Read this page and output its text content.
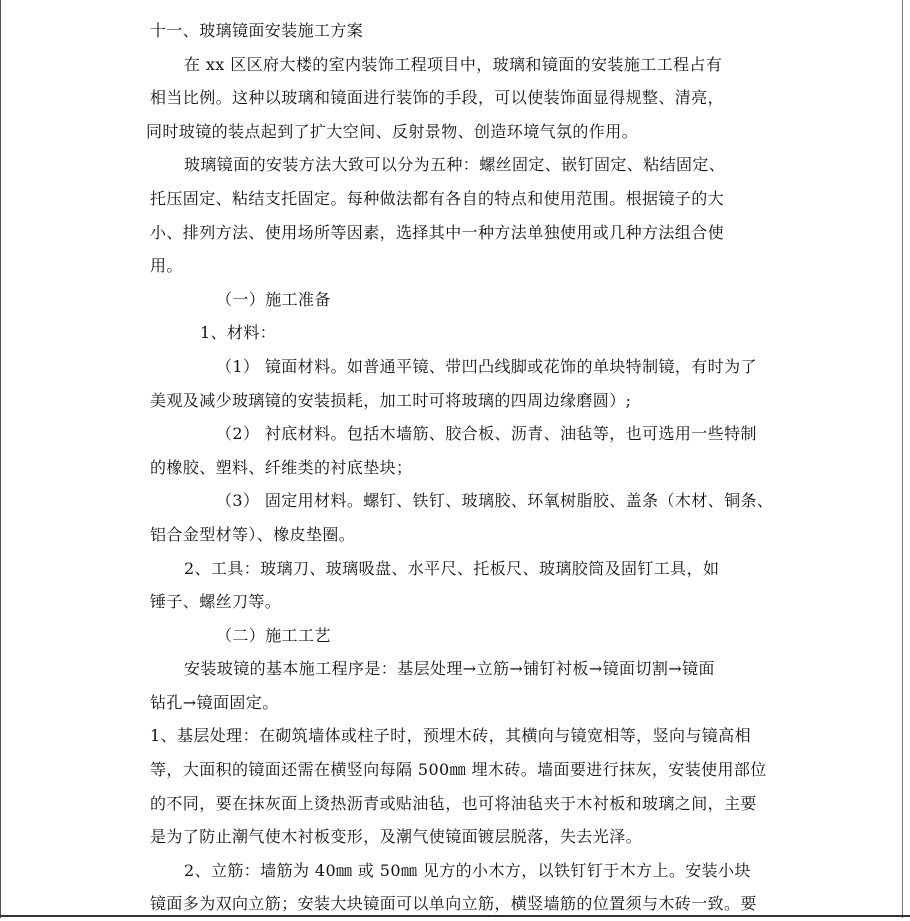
十一、玻璃镜面安装施工方案
在 xx 区区府大楼的室内装饰工程项目中，玻璃和镜面的安装施工工程占有
相当比例。这种以玻璃和镜面进行装饰的手段，可以使装饰面显得规整、清亮，
同时玻镜的装点起到了扩大空间、反射景物、创造环境气氛的作用。
玻璃镜面的安装方法大致可以分为五种：螺丝固定、嵌钉固定、粘结固定、
托压固定、粘结支托固定。每种做法都有各自的特点和使用范围。根据镜子的大
小、排列方法、使用场所等因素，选择其中一种方法单独使用或几种方法组合使
用。
（一）施工准备
1、材料：
（1） 镜面材料。如普通平镜、带凹凸线脚或花饰的单块特制镜，有时为了
美观及减少玻璃镜的安装损耗，加工时可将玻璃的四周边缘磨圆）;
（2） 衬底材料。包括木墙筋、胶合板、沥青、油毡等，也可选用一些特制
的橡胶、塑料、纤维类的衬底垫块；
（3） 固定用材料。螺钉、铁钉、玻璃胶、环氧树脂胶、盖条（木材、铜条、
铝合金型材等）、橡皮垫圈。
2、工具：玻璃刀、玻璃吸盘、水平尺、托板尺、玻璃胶筒及固钉工具，如
锤子、螺丝刀等。
（二）施工工艺
安装玻镜的基本施工程序是：基层处理→立筋→铺钉衬板→镜面切割→镜面
钻孔→镜面固定。
1、基层处理：在砌筑墙体或柱子时，预埋木砖，其横向与镜宽相等，竖向与镜高相
等，大面积的镜面还需在横竖向每隔 500㎜ 埋木砖。墙面要进行抹灰，安装使用部位
的不同，要在抹灰面上烫热沥青或贴油毡，也可将油毡夹于木衬板和玻璃之间，主要
是为了防止潮气使木衬板变形，及潮气使镜面镀层脱落，失去光泽。
2、立筋：墙筋为 40㎜ 或 50㎜ 见方的小木方，以铁钉钉于木方上。安装小块
镜面多为双向立筋；安装大块镜面可以单向立筋，横竖墙筋的位置须与木砖一致。要
